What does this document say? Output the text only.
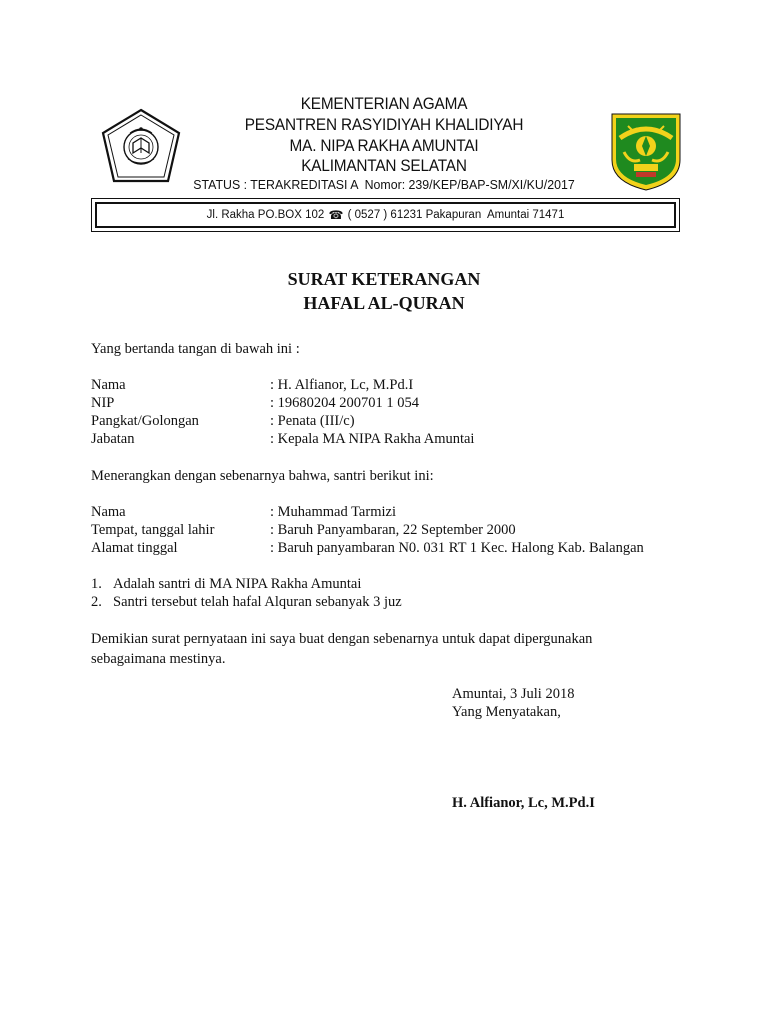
KEMENTERIAN AGAMA
PESANTREN RASYIDIYAH KHALIDIYAH
MA. NIPA RAKHA AMUNTAI
KALIMANTAN SELATAN
STATUS : TERAKREDITASI A  Nomor: 239/KEP/BAP-SM/XI/KU/2017
Jl. Rakha PO.BOX 102 ☎ ( 0527 ) 61231 Pakapuran  Amuntai 71471
SURAT KETERANGAN
HAFAL AL-QURAN
Yang bertanda tangan di bawah ini :
Nama	: H. Alfianor, Lc, M.Pd.I
NIP	: 19680204 200701 1 054
Pangkat/Golongan	: Penata (III/c)
Jabatan	: Kepala MA NIPA Rakha Amuntai
Menerangkan dengan sebenarnya bahwa, santri berikut ini:
Nama	: Muhammad Tarmizi
Tempat, tanggal lahir	: Baruh Panyambaran, 22 September 2000
Alamat tinggal	: Baruh panyambaran N0. 031 RT 1 Kec. Halong Kab. Balangan
1. Adalah santri di MA NIPA Rakha Amuntai
2. Santri tersebut telah hafal Alquran sebanyak 3 juz
Demikian surat pernyataan ini saya buat dengan sebenarnya untuk dapat dipergunakan
sebagaimana mestinya.
Amuntai, 3 Juli 2018
Yang Menyatakan,
H. Alfianor, Lc, M.Pd.I
